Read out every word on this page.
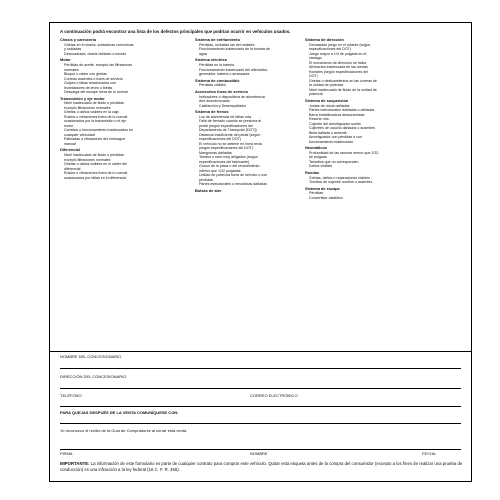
A continuación podrá encontrar una lista de los defectos principales que podrían ocurrir en vehículos usados.
Chasis y carrocería
Grietas en el chasis, soldaduras correctivas
y oxidadas
Descuadrado; chasis doblado o torcido
Motor
Pérdidas de aceite, excepto las filtraciones
normales
Bloque o cárter con grietas
Correas ausentes o fuera de servicio
Golpes o fallas relacionados con
levantadores de leves o bielas
Descarga del escape fuera de lo normal
Transmisión y eje motor
Nivel inadecuado de fluido o pérdidas
excepto filtraciones normales
Grietas o daños visibles en la caja
Ruidos o vibraciones fuera de lo normal
ocasionados por la transmisión o el eje
motor
Cambios o funcionamiento inadecuados en
cualquier velocidad
Patinadas o vibraciones del embrague
manual
Diferencial
Nivel inadecuado de fluido o pérdidas
excepto filtraciones normales
Grietas o daños visibles en el cárter del
diferencial
Ruidos o vibraciones fuera de lo normal
ocasionados por fallas en el diferencial.
Sistema de enfriamiento
Pérdidas, incluidas las del radiador
Funcionamiento inadecuado de la bomba de
agua
Sistema eléctrico
Pérdidas en la batería
Funcionamiento inadecuado del alternador,
generador, batería o arrancador
Sistema de combustible
Pérdidas visibles
Accesorios fuera de servicio
Indicadores o dispositivos de advertencia
Aire acondicionado
Calefacción y Desempañador
Sistema de frenos
Luz de advertencia de fallas rota
Falla de frenado cuando se presiona el
pedal (según especificaciones del
Departamento de Transporte [DOT])
Distancia insuficiente del pedal (según
especificaciones del DOT)
El vehículo no se detiene en línea recta
(según especificaciones del DOT)
Mangueras dañadas
Tambor o rotor muy delgados (según
especificaciones del fabricante)
Grosor de la placa o del revestimiento
inferior que 1/32 pulgadas
Unidad de potencia fuera de servicio o con
pérdidas
Partes estructurales o mecánicas dañadas
Bolsas de aire
Sistema de dirección
Demasiado juego en el volante (según
especificaciones del DOT)
Juego mayor a 1/4 de pulgada en el
vástago
El mecanismo de dirección se traba
Alineación inadecuada de las ruedas
frontales (según especificaciones del
DOT)
Grietas o deslizamientos en las correas de
la unidad de potencia
Nivel inadecuado de fluido de la unidad de
potencia
Sistema de suspensión
Juntas de rótula dañadas
Partes estructurales dobladas o dañadas
Barra estabilizadora desconectada
Resorte roto
Cojinete del amortiguador suelto
Cojinetes de caucho dañados o ausentes
Biela dañada o ausente
Amortiguador con pérdidas o con
funcionamiento inadecuado
Neumáticos
Profundidad de las ranuras menor que 2/32
de pulgada
Tamaños que no corresponden
Daños visibles
Ruedas
Grietas, daños o reparaciones visibles
Tornillos de sujeción sueltos o ausentes
Sistema de escape
Pérdidas
Convertidor catalítico
NOMBRE DEL CONCESIONARIO
DIRECCIÓN DEL CONCESIONARIO
TELÉFONO	CORREO ELECTRÓNICO
PARA QUEJAS DESPUÉS DE LA VENTA COMUNÍQUESE CON:
Yo reconozco el recibo de la Guía de Compradores al cerrar esta venta.
FIRMA	NOMBRE	FECHA
IMPORTANTE: La información de este formulario es parte de cualquier contrato para comprar este vehículo. Quitar esta etiqueta antes de la compra del consumidor (excepto a los fines de realizar una prueba de conducción) es una infracción a la ley federal (16 C. F. R. 455).
